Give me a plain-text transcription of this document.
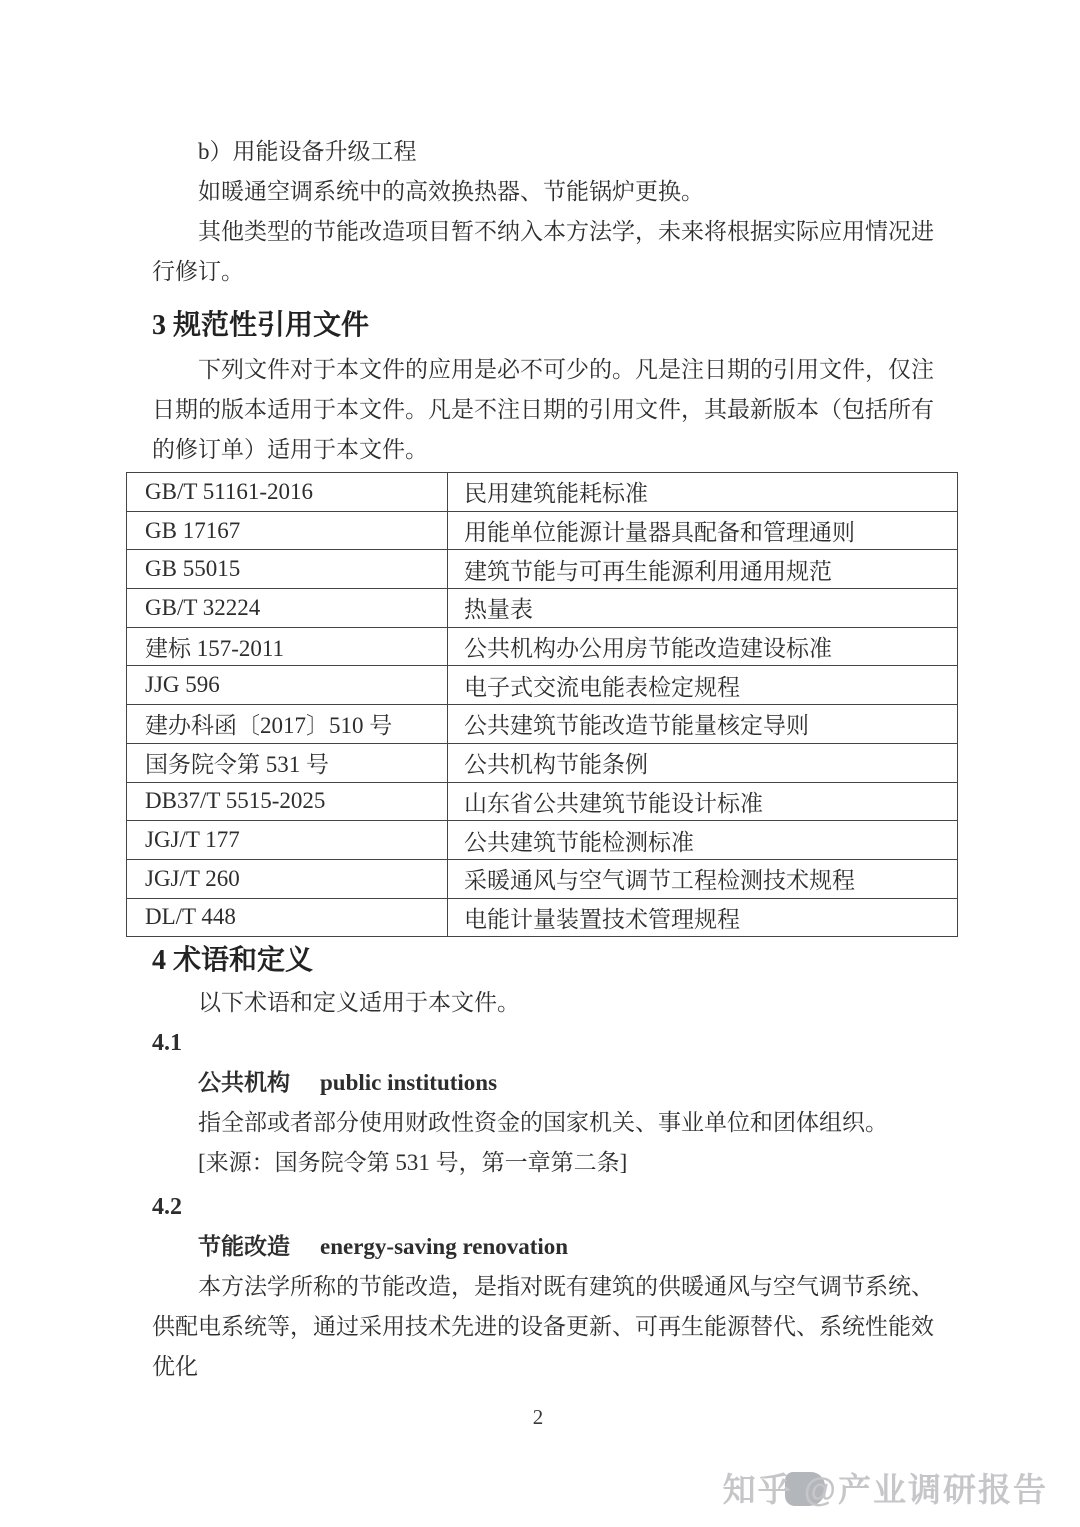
b）用能设备升级工程

如暖通空调系统中的高效换热器、节能锅炉更换。

其他类型的节能改造项目暂不纳入本方法学，未来将根据实际应用情况进行修订。

3 规范性引用文件

下列文件对于本文件的应用是必不可少的。凡是注日期的引用文件，仅注日期的版本适用于本文件。凡是不注日期的引用文件，其最新版本（包括所有的修订单）适用于本文件。

GB/T 51161-2016	民用建筑能耗标准
GB 17167	用能单位能源计量器具配备和管理通则
GB 55015	建筑节能与可再生能源利用通用规范
GB/T 32224	热量表
建标 157-2011	公共机构办公用房节能改造建设标准
JJG 596	电子式交流电能表检定规程
建办科函〔2017〕510 号	公共建筑节能改造节能量核定导则
国务院令第 531 号	公共机构节能条例
DB37/T 5515-2025	山东省公共建筑节能设计标准
JGJ/T 177	公共建筑节能检测标准
JGJ/T 260	采暖通风与空气调节工程检测技术规程
DL/T 448	电能计量装置技术管理规程
4 术语和定义

以下术语和定义适用于本文件。

4.1

公共机构 public institutions

指全部或者部分使用财政性资金的国家机关、事业单位和团体组织。

[来源：国务院令第 531 号，第一章第二条]

4.2

节能改造 energy-saving renovation

本方法学所称的节能改造，是指对既有建筑的供暖通风与空气调节系统、供配电系统等，通过采用技术先进的设备更新、可再生能源替代、系统性能效优化

2
知乎 @产业调研报告
